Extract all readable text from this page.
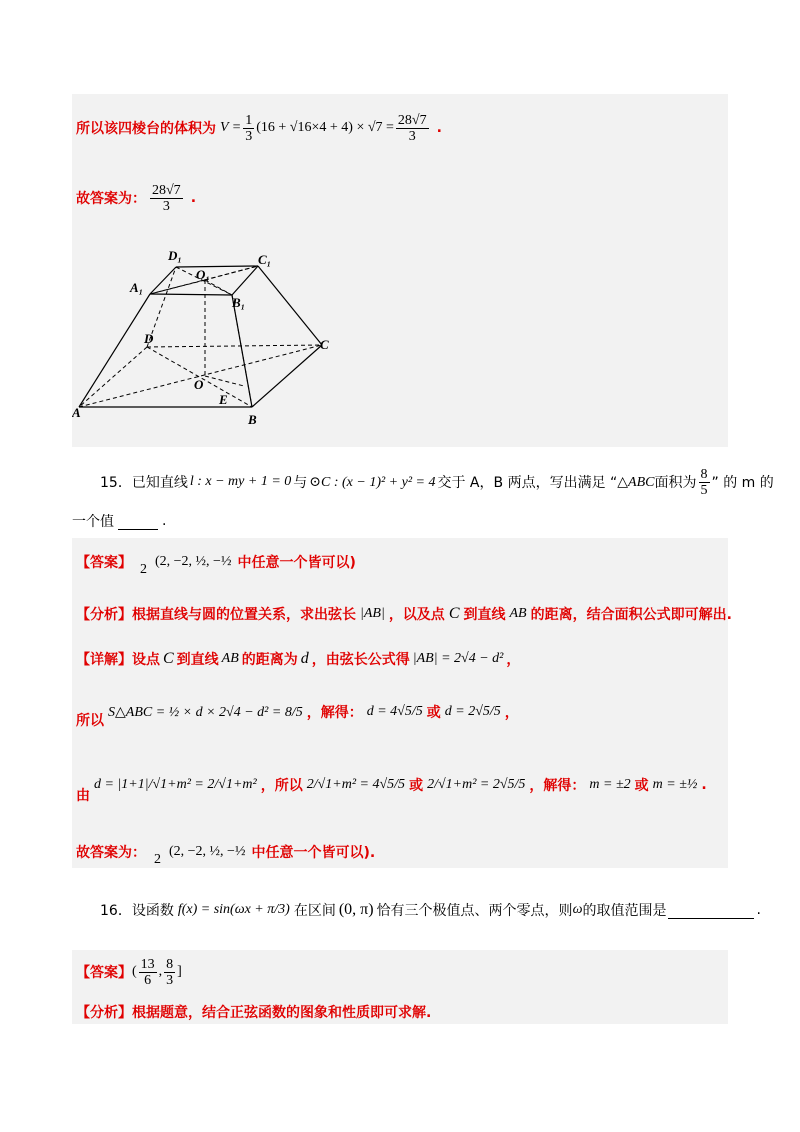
所以该四棱台的体积为 $V = \frac{1}{3} (16 + √16\times 4 + 4) \times √7 = \frac{28√7}{3}$ .
故答案为： $\frac{28√7}{3}$ .
D₁	C₁
O₁
A₁
B₁
D	C
O
E
A	B
15． 已知直线 l : x − my + 1 = 0 与 ⊙C : (x − 1)² + y² = 4 交于 A，B 两点，写出满足 “ △ABC 面积为 $\frac{8}{5}$ ” 的 m 的
一个值	.
【答案】 2
(2, −2, ½, −½ 中任意一个皆可以)
【分析】 根据直线与圆的位置关系，求出弦长 |AB| ，以及点 C 到直线 AB 的距离，结合面积公式即可解出.
【详解】 设点 C 到直线 AB 的距离为 d ，由弦长公式得 |AB| = 2√4 − d² ，
所以
S△ABC = ½ × d × 2√4 − d² = 8/5 ，解得： d = 4√5/5 或 d = 2√5/5 ，
由
d = |1+1|/√1+m² = 2/√1+m² ，所以 2/√1+m² = 4√5/5 或 2/√1+m² = 2√5/5 ，解得： m = ±2 或 m = ±½ .
故答案为： 2
(2, −2, ½, −½ 中任意一个皆可以).
16． 设函数 f(x) = sin(ωx + π/3) 在区间 (0, π) 恰有三个极值点、两个零点，则 ω 的取值范围是	.
【答案】 ( $\frac{13}{6}$ , $\frac{8}{3}$ ]
【分析】 根据题意，结合正弦函数的图象和性质即可求解.
